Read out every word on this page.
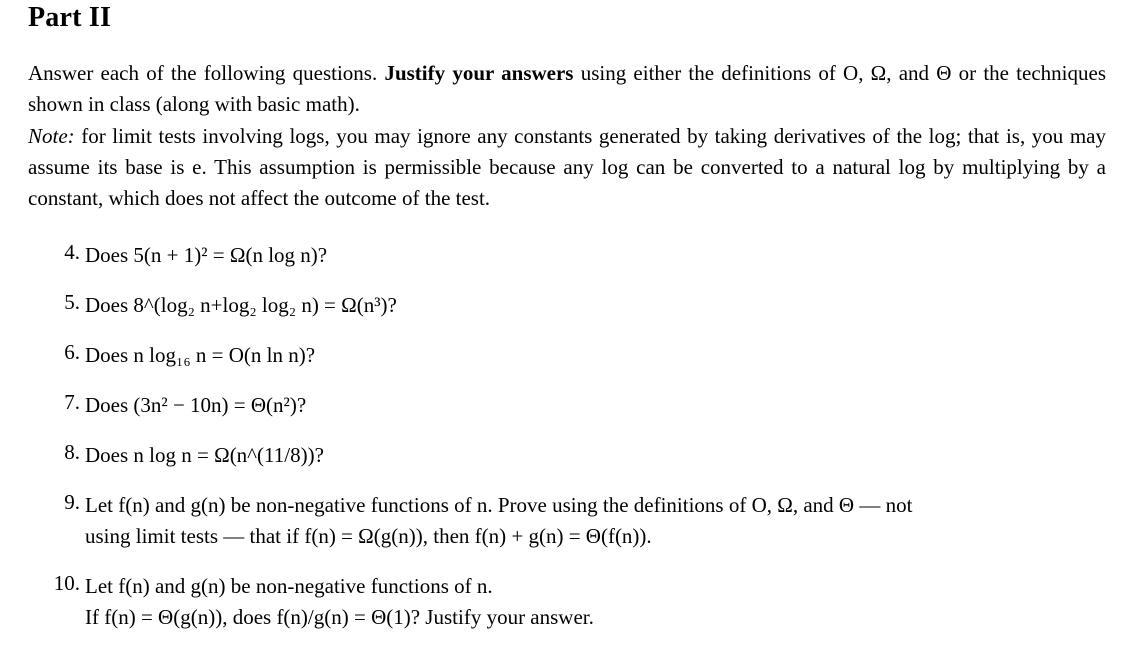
Part II

Answer each of the following questions. Justify your answers using either the definitions of O, Ω, and Θ or the techniques shown in class (along with basic math).

Note: for limit tests involving logs, you may ignore any constants generated by taking derivatives of the log; that is, you may assume its base is e. This assumption is permissible because any log can be converted to a natural log by multiplying by a constant, which does not affect the outcome of the test.

4. Does 5(n + 1)² = Ω(n log n)?
5. Does 8^(log₂ n+log₂ log₂ n) = Ω(n³)?
6. Does n log₁₆ n = O(n ln n)?
7. Does (3n² − 10n) = Θ(n²)?
8. Does n log n = Ω(n^(11/8))?
9. Let f(n) and g(n) be non-negative functions of n. Prove using the definitions of O, Ω, and Θ — not
using limit tests — that if f(n) = Ω(g(n)), then f(n) + g(n) = Θ(f(n)).
10. Let f(n) and g(n) be non-negative functions of n.
If f(n) = Θ(g(n)), does f(n)/g(n) = Θ(1)? Justify your answer.
